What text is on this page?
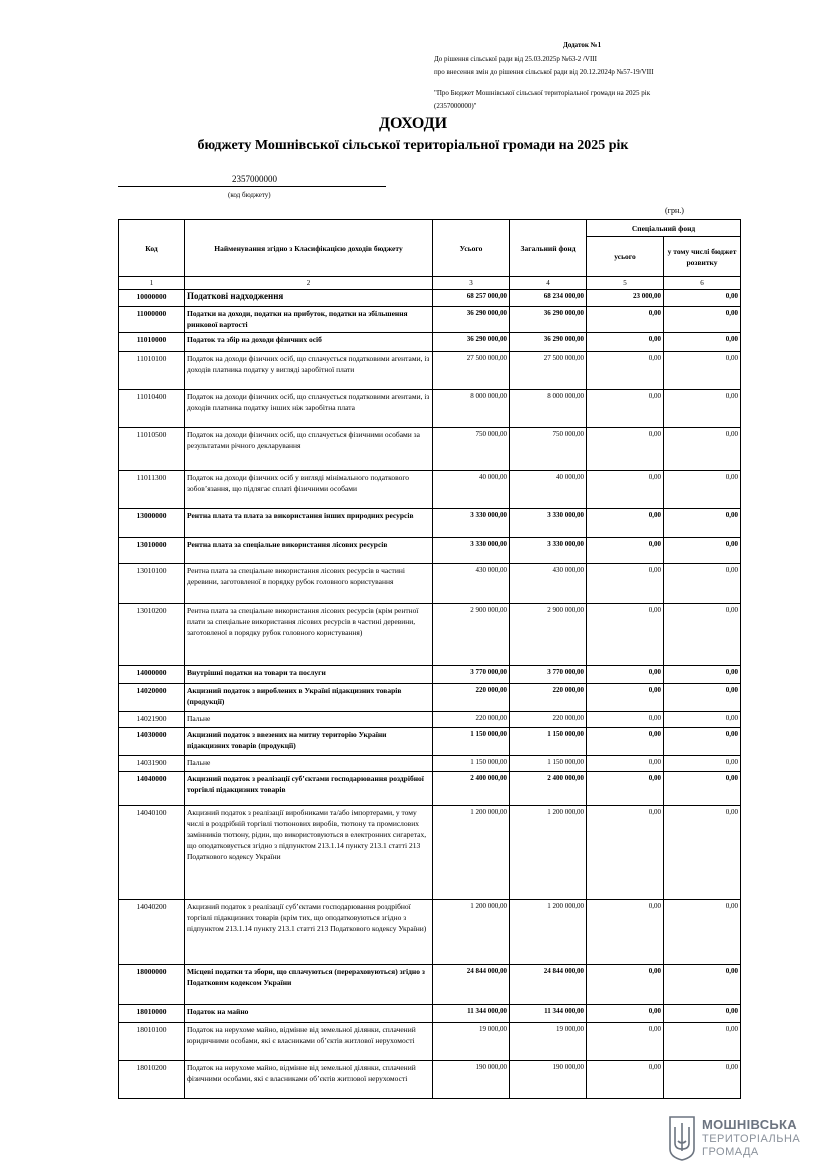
Додаток №1
До рішення сільської ради від 25.03.2025р №63-2 /VIII
про внесення змін до рішення сільської ради від 20.12.2024р №57-19/VIII
"Про Бюджет Мошнівської сільської територіальної громади на 2025 рік
(2357000000)"
ДОХОДИ
бюджету Мошнівської сільської територіальної громади на 2025 рік
2357000000
(код бюджету)
(грн.)
Код	Найменування згідно з Класифікацією доходів бюджету	Усього	Загальний фонд	Спеціальний фонд	
				усього	у тому числі бюджет розвитку
1	2	3	4	5	6
10000000	Податкові надходження	68 257 000,00	68 234 000,00	23 000,00	0,00
11000000	Податки на доходи, податки на прибуток, податки на збільшення ринкової вартості	36 290 000,00	36 290 000,00	0,00	0,00
11010000	Податок та збір на доходи фізичних осіб	36 290 000,00	36 290 000,00	0,00	0,00
11010100	Податок на доходи фізичних осіб, що сплачується податковими агентами, із доходів платника податку у вигляді заробітної плати	27 500 000,00	27 500 000,00	0,00	0,00
11010400	Податок на доходи фізичних осіб, що сплачується податковими агентами, із доходів платника податку інших ніж заробітна плата	8 000 000,00	8 000 000,00	0,00	0,00
11010500	Податок на доходи фізичних осіб, що сплачується фізичними особами за результатами річного декларування	750 000,00	750 000,00	0,00	0,00
11011300	Податок на доходи фізичних осіб у вигляді мінімального податкового зобов’язання, що підлягає сплаті фізичними особами	40 000,00	40 000,00	0,00	0,00
13000000	Рентна плата та плата за використання інших природних ресурсів	3 330 000,00	3 330 000,00	0,00	0,00
13010000	Рентна плата за спеціальне використання лісових ресурсів	3 330 000,00	3 330 000,00	0,00	0,00
13010100	Рентна плата за спеціальне використання лісових ресурсів в частині деревини, заготовленої в порядку рубок головного користування	430 000,00	430 000,00	0,00	0,00
13010200	Рентна плата за спеціальне використання лісових ресурсів (крім рентної плати за спеціальне використання лісових ресурсів в частині деревини, заготовленої в порядку рубок головного користування)	2 900 000,00	2 900 000,00	0,00	0,00
14000000	Внутрішні податки на товари та послуги	3 770 000,00	3 770 000,00	0,00	0,00
14020000	Акцизний податок з вироблених в Україні підакцизних товарів (продукції)	220 000,00	220 000,00	0,00	0,00
14021900	Пальне	220 000,00	220 000,00	0,00	0,00
14030000	Акцизний податок з ввезених на митну територію України підакцизних товарів (продукції)	1 150 000,00	1 150 000,00	0,00	0,00
14031900	Пальне	1 150 000,00	1 150 000,00	0,00	0,00
14040000	Акцизний податок з реалізації суб’єктами господарювання роздрібної торгівлі підакцизних товарів	2 400 000,00	2 400 000,00	0,00	0,00
14040100	Акцизний податок з реалізації виробниками та/або імпортерами, у тому числі в роздрібній торгівлі тютюнових виробів, тютюну та промислових замінників тютюну, рідин, що використовуються в електронних сигаретах, що оподатковується згідно з підпунктом 213.1.14 пункту 213.1 статті 213 Податкового кодексу України	1 200 000,00	1 200 000,00	0,00	0,00
14040200	Акцизний податок з реалізації суб’єктами господарювання роздрібної торгівлі підакцизних товарів (крім тих, що оподатковуються згідно з підпунктом 213.1.14 пункту 213.1 статті 213 Податкового кодексу України)	1 200 000,00	1 200 000,00	0,00	0,00
18000000	Місцеві податки та збори, що сплачуються (перераховуються) згідно з Податковим кодексом України	24 844 000,00	24 844 000,00	0,00	0,00
18010000	Податок на майно	11 344 000,00	11 344 000,00	0,00	0,00
18010100	Податок на нерухоме майно, відмінне від земельної ділянки, сплачений юридичними особами, які є власниками об’єктів житлової нерухомості	19 000,00	19 000,00	0,00	0,00
18010200	Податок на нерухоме майно, відмінне від земельної ділянки, сплачений фізичними особами, які є власниками об’єктів житлової нерухомості	190 000,00	190 000,00	0,00	0,00
МОШНІВСЬКА
ТЕРИТОРІАЛЬНА
ГРОМАДА
